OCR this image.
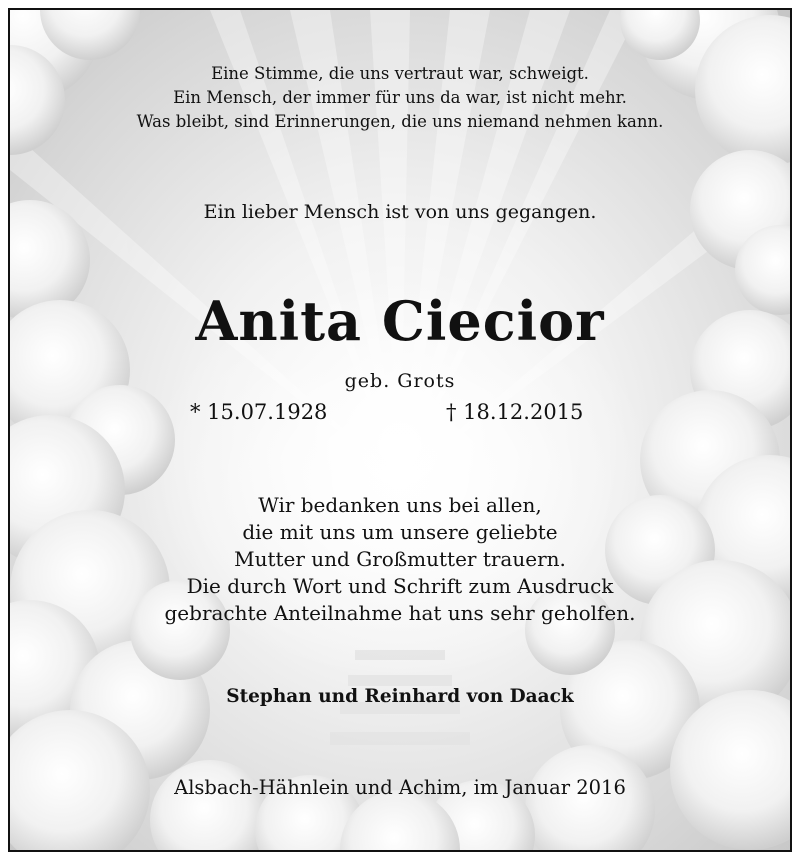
Eine Stimme, die uns vertraut war, schweigt.
Ein Mensch, der immer für uns da war, ist nicht mehr.
Was bleibt, sind Erinnerungen, die uns niemand nehmen kann.
Ein lieber Mensch ist von uns gegangen.
Anita Ciecior
geb. Grots
* 15.07.1928	† 18.12.2015
Wir bedanken uns bei allen,
die mit uns um unsere geliebte
Mutter und Großmutter trauern.
Die durch Wort und Schrift zum Ausdruck
gebrachte Anteilnahme hat uns sehr geholfen.
Stephan und Reinhard von Daack
Alsbach-Hähnlein und Achim, im Januar 2016
